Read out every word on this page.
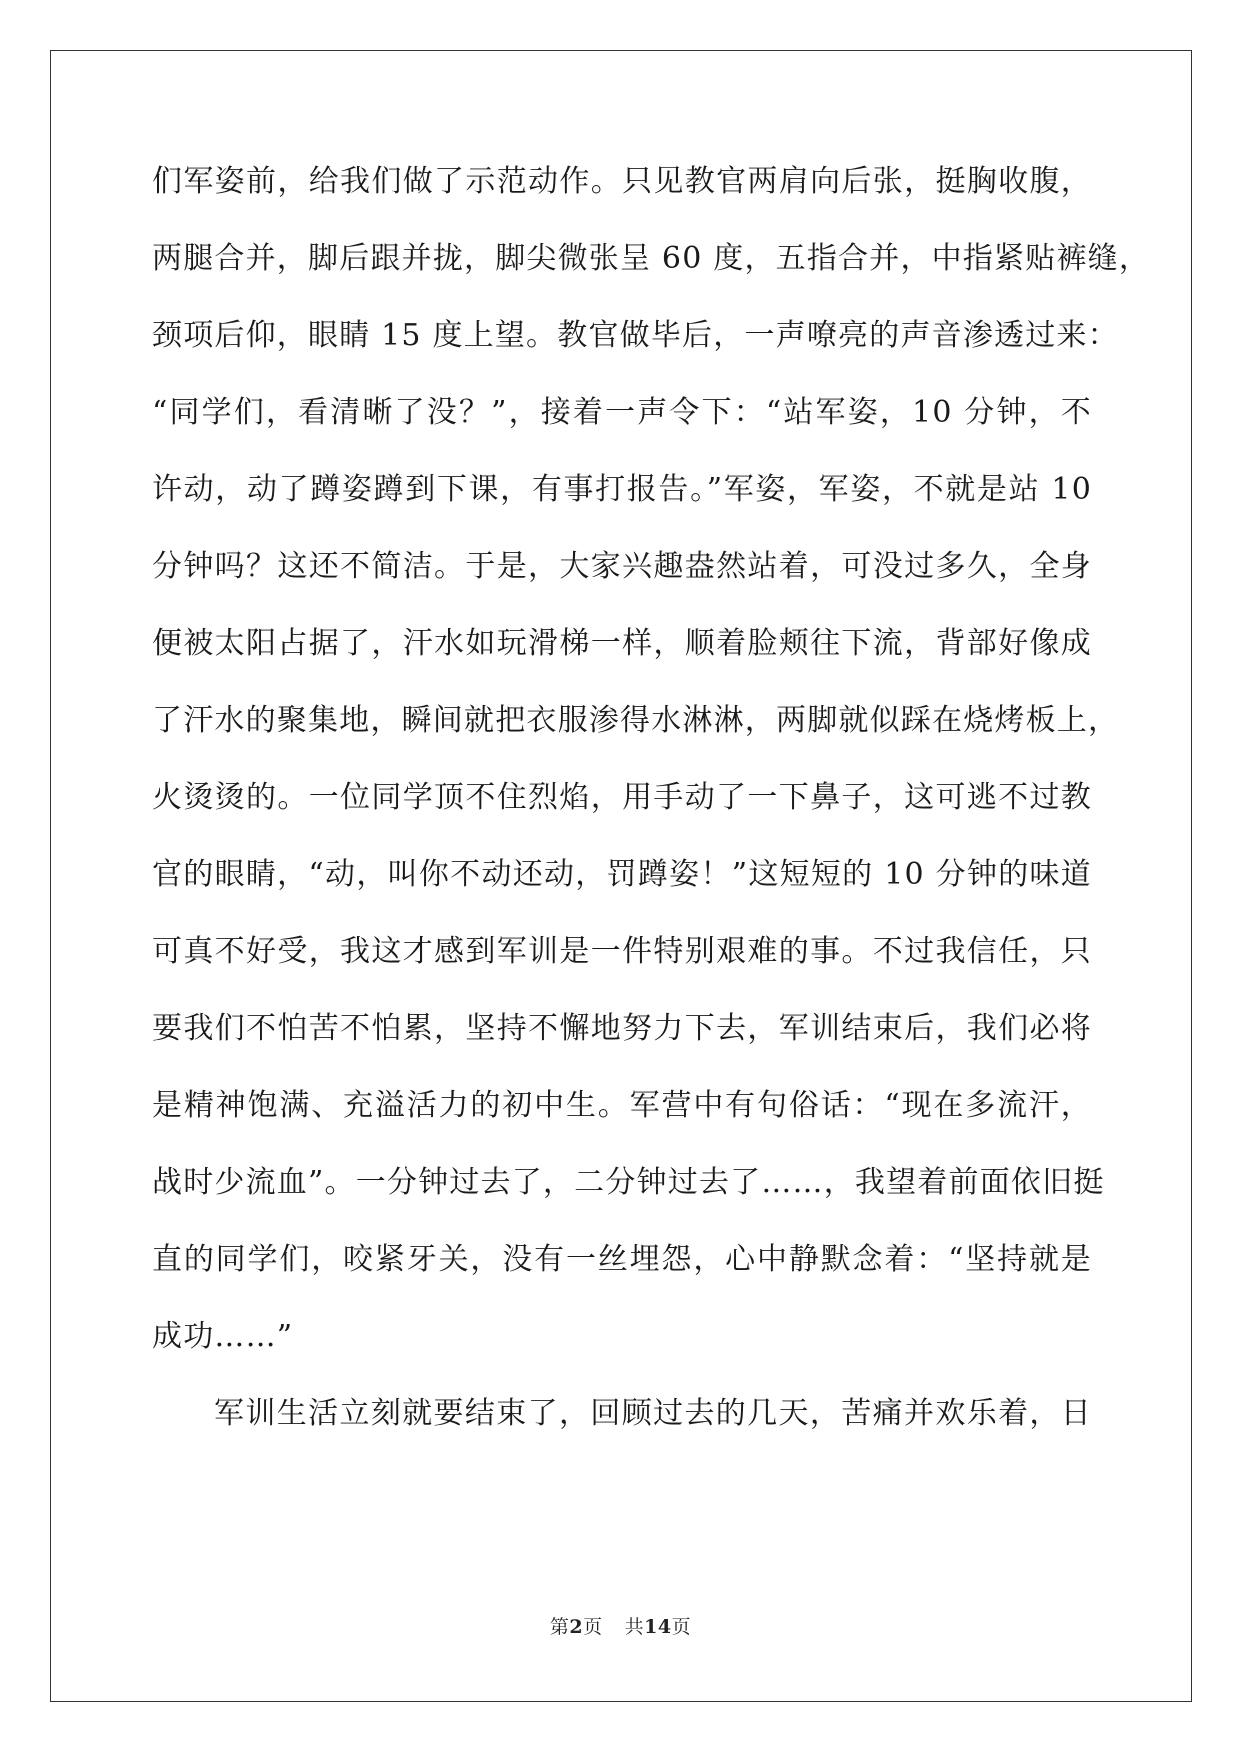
们军姿前，给我们做了示范动作。只见教官两肩向后张，挺胸收腹，
两腿合并，脚后跟并拢，脚尖微张呈 60 度，五指合并，中指紧贴裤缝，
颈项后仰，眼睛 15 度上望。教官做毕后，一声嘹亮的声音渗透过来：
“同学们，看清晰了没？”，接着一声令下：“站军姿，10 分钟，不
许动，动了蹲姿蹲到下课，有事打报告。”军姿，军姿，不就是站 10
分钟吗？这还不简洁。于是，大家兴趣盎然站着，可没过多久，全身
便被太阳占据了，汗水如玩滑梯一样，顺着脸颊往下流，背部好像成
了汗水的聚集地，瞬间就把衣服渗得水淋淋，两脚就似踩在烧烤板上，
火烫烫的。一位同学顶不住烈焰，用手动了一下鼻子，这可逃不过教
官的眼睛，“动，叫你不动还动，罚蹲姿！”这短短的 10 分钟的味道
可真不好受，我这才感到军训是一件特别艰难的事。不过我信任，只
要我们不怕苦不怕累，坚持不懈地努力下去，军训结束后，我们必将
是精神饱满、充溢活力的初中生。军营中有句俗话：“现在多流汗，
战时少流血”。一分钟过去了，二分钟过去了……，我望着前面依旧挺
直的同学们，咬紧牙关，没有一丝埋怨，心中静默念着：“坚持就是
成功……”
军训生活立刻就要结束了，回顾过去的几天，苦痛并欢乐着，日
第2页 共14页
